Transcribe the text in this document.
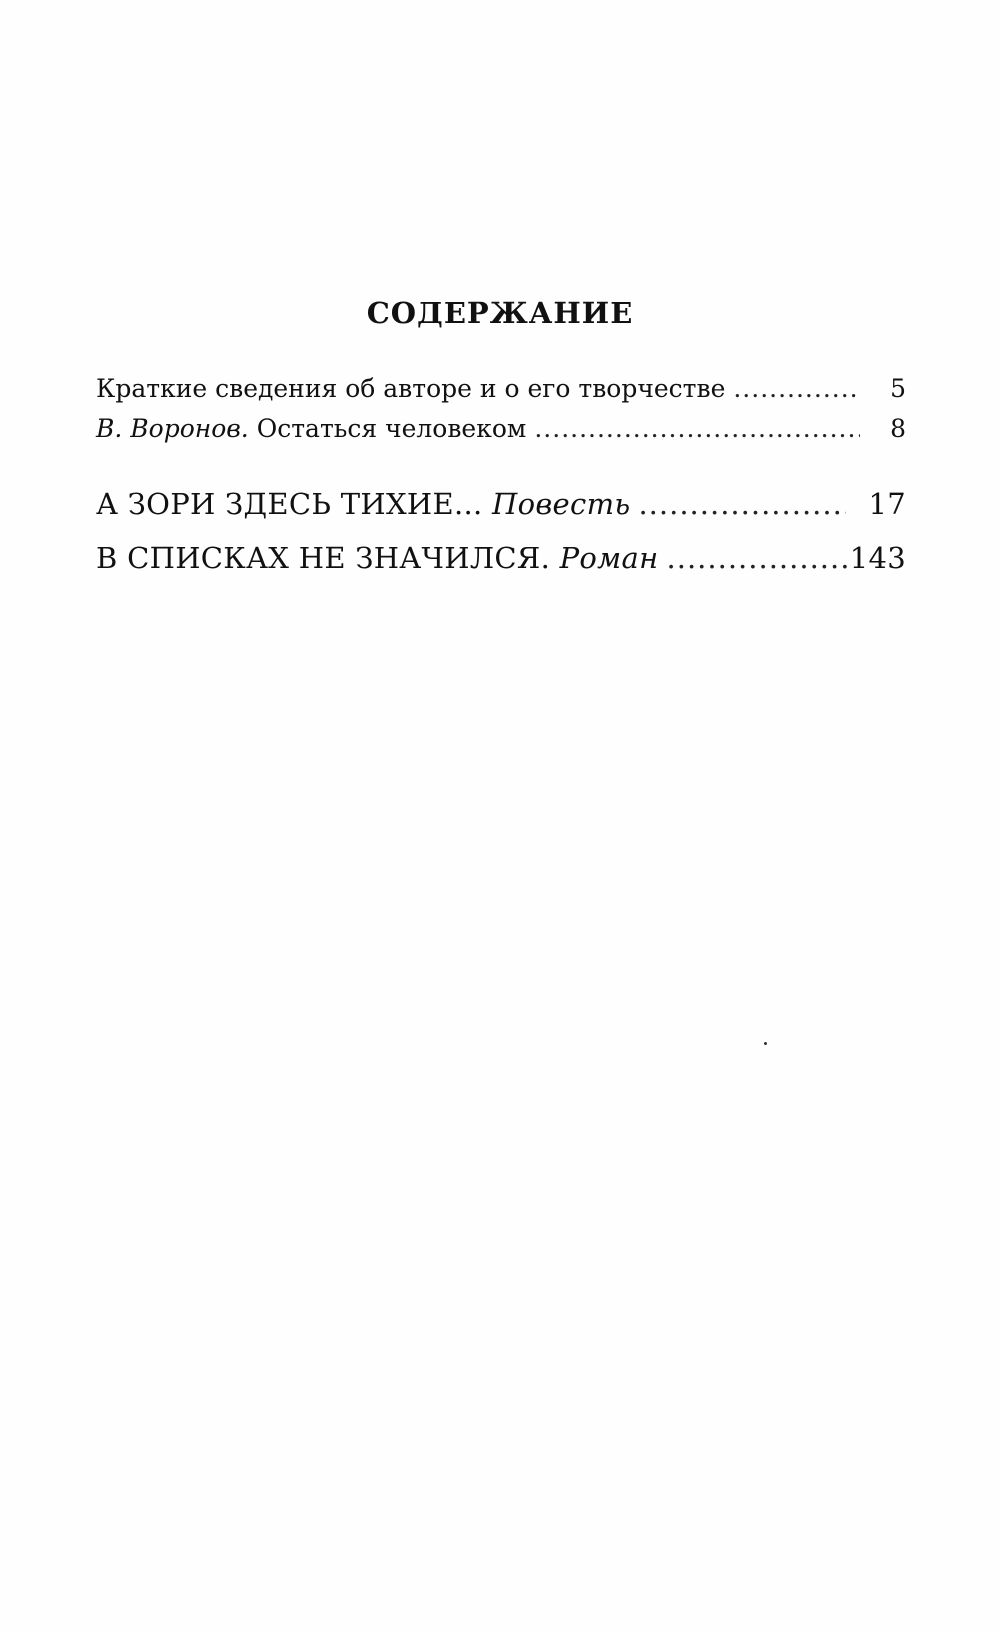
СОДЕРЖАНИЕ
Краткие сведения об авторе и о его творчестве .....	5
В. Воронов. Остаться человеком .....	8
А ЗОРИ ЗДЕСЬ ТИХИЕ... Повесть .....	17
В СПИСКАХ НЕ ЗНАЧИЛСЯ. Роман .....	143
